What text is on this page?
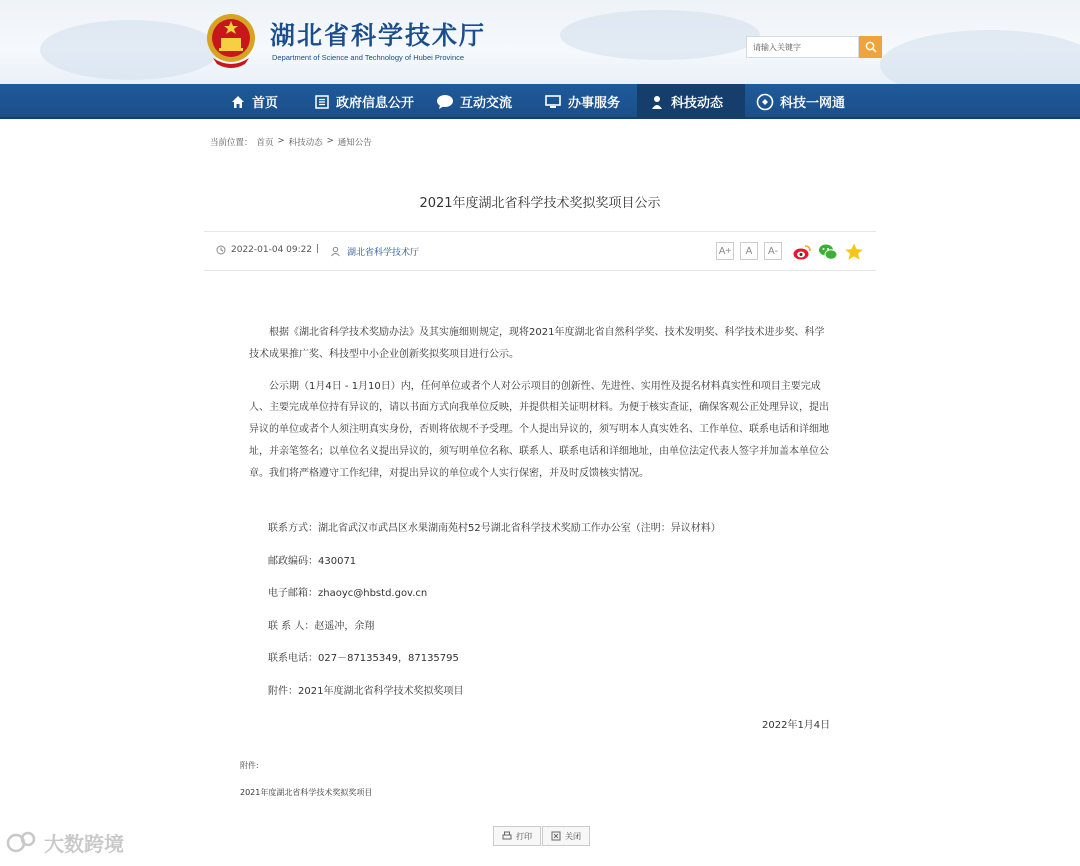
湖北省科学技术厅
Department of Science and Technology of Hubei Province
请输入关键字
首页	政府信息公开	互动交流	办事服务	科技动态	科技一网通
当前位置： 首页 > 科技动态 > 通知公告
2021年度湖北省科学技术奖拟奖项目公示
2022-01-04 09:22 |	湖北省科学技术厅	A+	A	A-

根据《湖北省科学技术奖励办法》及其实施细则规定，现将2021年度湖北省自然科学奖、技术发明奖、科学技术进步奖、科学技术成果推广奖、科技型中小企业创新奖拟奖项目进行公示。

公示期（1月4日 - 1月10日）内，任何单位或者个人对公示项目的创新性、先进性、实用性及提名材料真实性和项目主要完成人、主要完成单位持有异议的，请以书面方式向我单位反映，并提供相关证明材料。为便于核实查证，确保客观公正处理异议，提出异议的单位或者个人须注明真实身份，否则将依规不予受理。个人提出异议的，须写明本人真实姓名、工作单位、联系电话和详细地址，并亲笔签名；以单位名义提出异议的，须写明单位名称、联系人、联系电话和详细地址，由单位法定代表人签字并加盖本单位公章。我们将严格遵守工作纪律，对提出异议的单位或个人实行保密，并及时反馈核实情况。

联系方式：湖北省武汉市武昌区水果湖南苑村52号湖北省科学技术奖励工作办公室（注明：异议材料）
邮政编码：430071
电子邮箱：zhaoyc@hbstd.gov.cn
联 系 人：赵遥冲，余翔
联系电话：027－87135349，87135795
附件：2021年度湖北省科学技术奖拟奖项目
2022年1月4日
附件:
2021年度湖北省科学技术奖拟奖项目
打印	关闭
大数跨境
